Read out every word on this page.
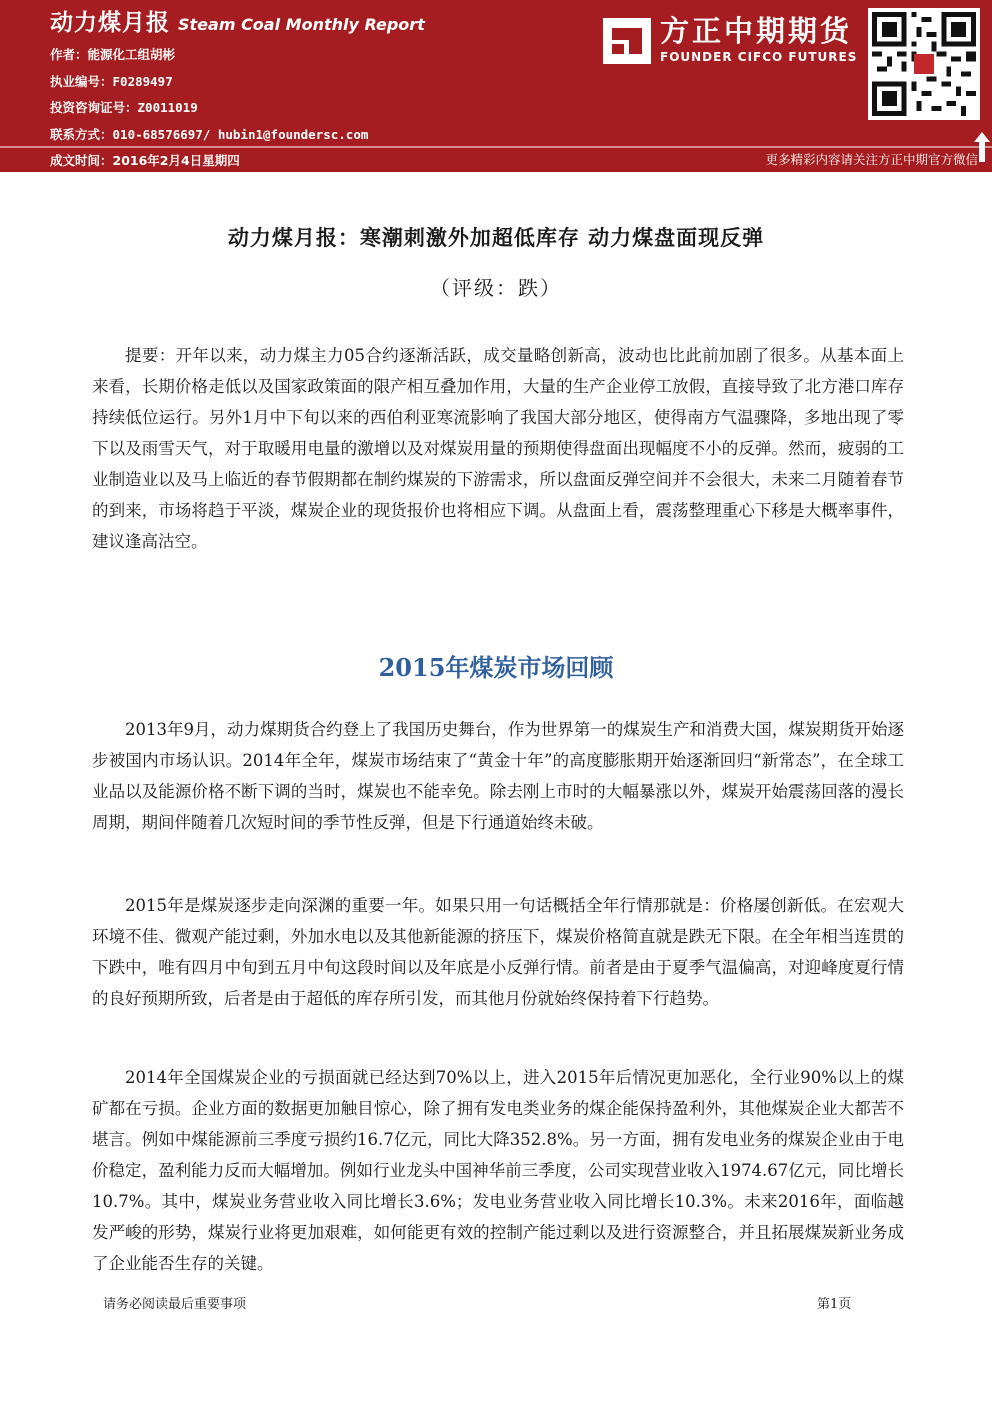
动力煤月报 Steam Coal Monthly Report
作者：能源化工组胡彬
执业编号：F0289497
投资咨询证号：Z0011019
联系方式：010-68576697/ hubin1@foundersc.com
成文时间：2016年2月4日星期四
方正中期期货
FOUNDER CIFCO FUTURES
更多精彩内容请关注方正中期官方微信
动力煤月报：寒潮刺激外加超低库存 动力煤盘面现反弹
（评级：跌）

提要：开年以来，动力煤主力05合约逐渐活跃，成交量略创新高，波动也比此前加剧了很多。从基本面上来看，长期价格走低以及国家政策面的限产相互叠加作用，大量的生产企业停工放假，直接导致了北方港口库存持续低位运行。另外1月中下旬以来的西伯利亚寒流影响了我国大部分地区，使得南方气温骤降，多地出现了零下以及雨雪天气，对于取暖用电量的激增以及对煤炭用量的预期使得盘面出现幅度不小的反弹。然而，疲弱的工业制造业以及马上临近的春节假期都在制约煤炭的下游需求，所以盘面反弹空间并不会很大，未来二月随着春节的到来，市场将趋于平淡，煤炭企业的现货报价也将相应下调。从盘面上看，震荡整理重心下移是大概率事件，建议逢高沽空。

2015年煤炭市场回顾

2013年9月，动力煤期货合约登上了我国历史舞台，作为世界第一的煤炭生产和消费大国，煤炭期货开始逐步被国内市场认识。2014年全年，煤炭市场结束了“黄金十年”的高度膨胀期开始逐渐回归“新常态”，在全球工业品以及能源价格不断下调的当时，煤炭也不能幸免。除去刚上市时的大幅暴涨以外，煤炭开始震荡回落的漫长周期，期间伴随着几次短时间的季节性反弹，但是下行通道始终未破。

2015年是煤炭逐步走向深渊的重要一年。如果只用一句话概括全年行情那就是：价格屡创新低。在宏观大环境不佳、微观产能过剩，外加水电以及其他新能源的挤压下，煤炭价格简直就是跌无下限。在全年相当连贯的下跌中，唯有四月中旬到五月中旬这段时间以及年底是小反弹行情。前者是由于夏季气温偏高，对迎峰度夏行情的良好预期所致，后者是由于超低的库存所引发，而其他月份就始终保持着下行趋势。

2014年全国煤炭企业的亏损面就已经达到70%以上，进入2015年后情况更加恶化，全行业90%以上的煤矿都在亏损。企业方面的数据更加触目惊心，除了拥有发电类业务的煤企能保持盈利外，其他煤炭企业大都苦不堪言。例如中煤能源前三季度亏损约16.7亿元，同比大降352.8%。另一方面，拥有发电业务的煤炭企业由于电价稳定，盈利能力反而大幅增加。例如行业龙头中国神华前三季度，公司实现营业收入1974.67亿元，同比增长10.7%。其中，煤炭业务营业收入同比增长3.6%；发电业务营业收入同比增长10.3%。未来2016年，面临越发严峻的形势，煤炭行业将更加艰难，如何能更有效的控制产能过剩以及进行资源整合，并且拓展煤炭新业务成了企业能否生存的关键。

请务必阅读最后重要事项	第1页
